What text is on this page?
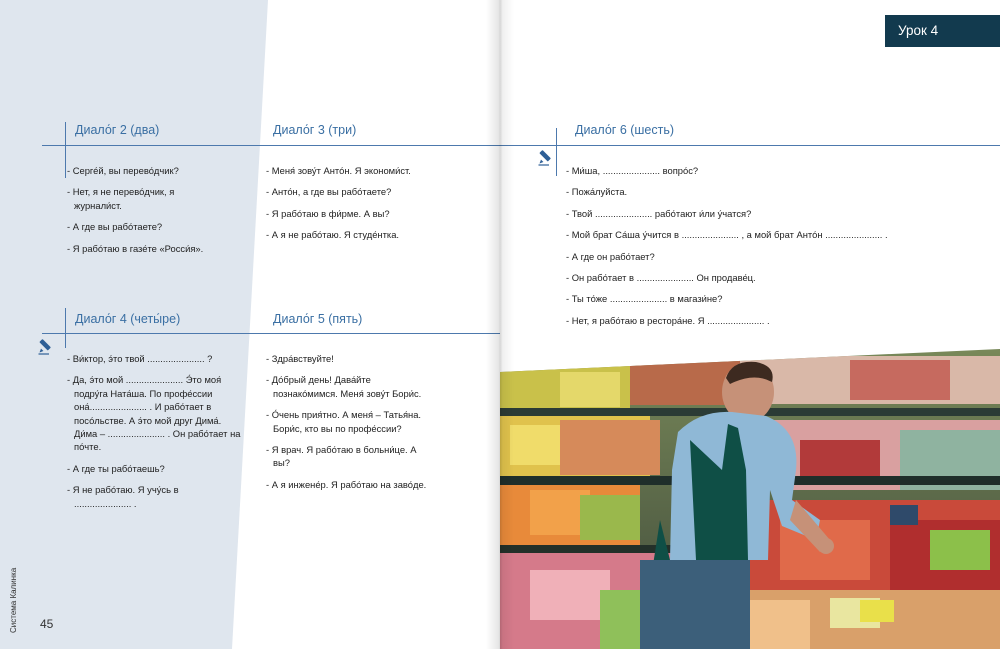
Диало́г 2 (два)

- Серге́й, вы перево́дчик?

- Нет, я не перево́дчик, я журнали́ст.

- А где вы рабо́таете?

- Я рабо́таю в газе́те «Росси́я».

Диало́г 3 (три)

- Меня́ зову́т Анто́н. Я экономи́ст.

- Анто́н, а где вы рабо́таете?

- Я рабо́таю в фи́рме. А вы?

- А я не рабо́таю. Я студе́нтка.

Диало́г 4 (четы́ре)

- Ви́ктор, э́то твой ...................... ?

- Да, э́то мой ...................... Э́то моя́ подру́га Ната́ша. По профе́ссии она́...................... . И рабо́тает в посо́льстве. А э́то мой друг Дима́. Ди́ма – ...................... . Он рабо́тает на по́чте.

- А где ты рабо́таешь?

- Я не рабо́таю. Я учу́сь в ...................... .

Диало́г 5 (пять)

- Здра́вствуйте!

- До́брый день! Дава́йте познако́мимся. Меня́ зову́т Бори́с.

- О́чень прия́тно. А меня́ – Татья́на. Бори́с, кто вы по профе́ссии?

- Я врач. Я рабо́таю в больни́це. А вы?

- А я инжене́р. Я рабо́таю на заво́де.

45
Система Калинка
Диало́г 6 (шесть)

- Ми́ша, ...................... вопро́с?

- Пожа́луйста.

- Твой ...................... рабо́тают и́ли у́чатся?

- Мой брат Са́ша у́чится в ...................... , а мой брат Анто́н ...................... .

- А где он рабо́тает?

- Он рабо́тает в ...................... Он продаве́ц.

- Ты то́же ...................... в магази́не?

- Нет, я рабо́таю в рестора́не. Я ...................... .

Урок 4
